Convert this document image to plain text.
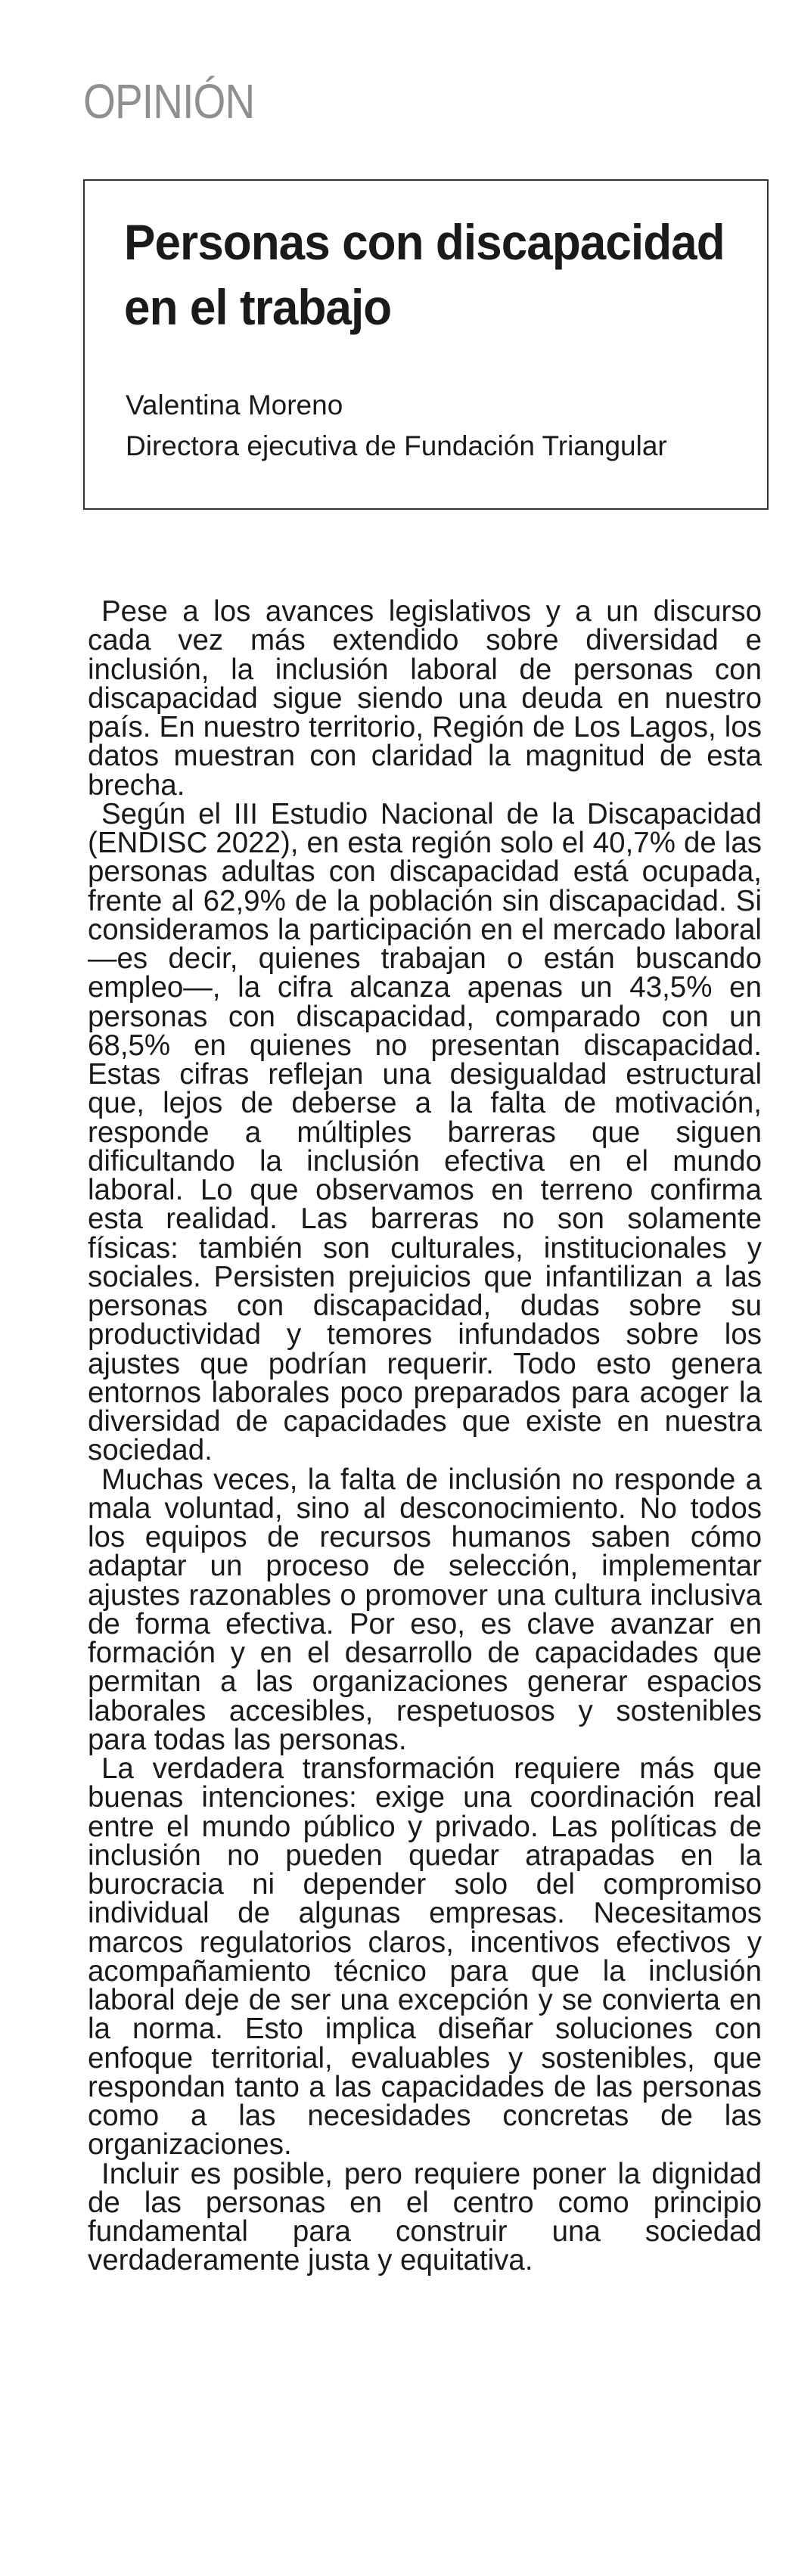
OPINIÓN
Personas con discapacidad en el trabajo
Valentina Moreno
Directora ejecutiva de Fundación Triangular

Pese a los avances legislativos y a un discurso cada vez más extendido sobre diversidad e inclusión, la inclusión laboral de personas con discapacidad sigue siendo una deuda en nuestro país. En nuestro territorio, Región de Los Lagos, los datos muestran con claridad la magnitud de esta brecha.

Según el III Estudio Nacional de la Discapacidad (ENDISC 2022), en esta región solo el 40,7% de las personas adultas con discapacidad está ocupada, frente al 62,9% de la población sin discapacidad. Si consideramos la participación en el mercado laboral —es decir, quienes trabajan o están buscando empleo—, la cifra alcanza apenas un 43,5% en personas con discapacidad, comparado con un 68,5% en quienes no presentan discapacidad. Estas cifras reflejan una desigualdad estructural que, lejos de deberse a la falta de motivación, responde a múltiples barreras que siguen dificultando la inclusión efectiva en el mundo laboral. Lo que observamos en terreno confirma esta realidad. Las barreras no son solamente físicas: también son culturales, institucionales y sociales. Persisten prejuicios que infantilizan a las personas con discapacidad, dudas sobre su productividad y temores infundados sobre los ajustes que podrían requerir. Todo esto genera entornos laborales poco preparados para acoger la diversidad de capacidades que existe en nuestra sociedad.

Muchas veces, la falta de inclusión no responde a mala voluntad, sino al desconocimiento. No todos los equipos de recursos humanos saben cómo adaptar un proceso de selección, implementar ajustes razonables o promover una cultura inclusiva de forma efectiva. Por eso, es clave avanzar en formación y en el desarrollo de capacidades que permitan a las organizaciones generar espacios laborales accesibles, respetuosos y sostenibles para todas las personas.

La verdadera transformación requiere más que buenas intenciones: exige una coordinación real entre el mundo público y privado. Las políticas de inclusión no pueden quedar atrapadas en la burocracia ni depender solo del compromiso individual de algunas empresas. Necesitamos marcos regulatorios claros, incentivos efectivos y acompañamiento técnico para que la inclusión laboral deje de ser una excepción y se convierta en la norma. Esto implica diseñar soluciones con enfoque territorial, evaluables y sostenibles, que respondan tanto a las capacidades de las personas como a las necesidades concretas de las organizaciones.

Incluir es posible, pero requiere poner la dignidad de las personas en el centro como principio fundamental para construir una sociedad verdaderamente justa y equitativa.
